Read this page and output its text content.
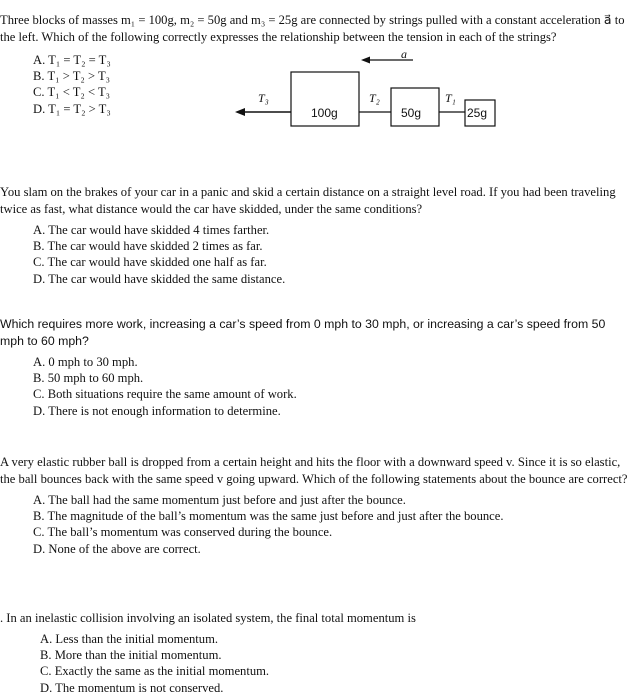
Three blocks of masses m₁ = 100g, m₂ = 50g and m₃ = 25g are connected by strings pulled with a constant acceleration a⃗ to the left. Which of the following correctly expresses the relationship between the tension in each of the strings?

A. T₁ = T₂ = T₃
B. T₁ > T₂ > T₃
C. T₁ < T₂ < T₃
D. T₁ = T₂ > T₃
a⃗
T₃
100g
T₂
50g
T₁
25g

You slam on the brakes of your car in a panic and skid a certain distance on a straight level road. If you had been traveling twice as fast, what distance would the car have skidded, under the same conditions?

A. The car would have skidded 4 times farther.
B. The car would have skidded 2 times as far.
C. The car would have skidded one half as far.
D. The car would have skidded the same distance.

Which requires more work, increasing a car’s speed from 0 mph to 30 mph, or increasing a car’s speed from 50 mph to 60 mph?

A. 0 mph to 30 mph.
B. 50 mph to 60 mph.
C. Both situations require the same amount of work.
D. There is not enough information to determine.

A very elastic rubber ball is dropped from a certain height and hits the floor with a downward speed v. Since it is so elastic, the ball bounces back with the same speed v going upward. Which of the following statements about the bounce are correct?

A. The ball had the same momentum just before and just after the bounce.
B. The magnitude of the ball’s momentum was the same just before and just after the bounce.
C. The ball’s momentum was conserved during the bounce.
D. None of the above are correct.

. In an inelastic collision involving an isolated system, the final total momentum is

A. Less than the initial momentum.
B. More than the initial momentum.
C. Exactly the same as the initial momentum.
D. The momentum is not conserved.
